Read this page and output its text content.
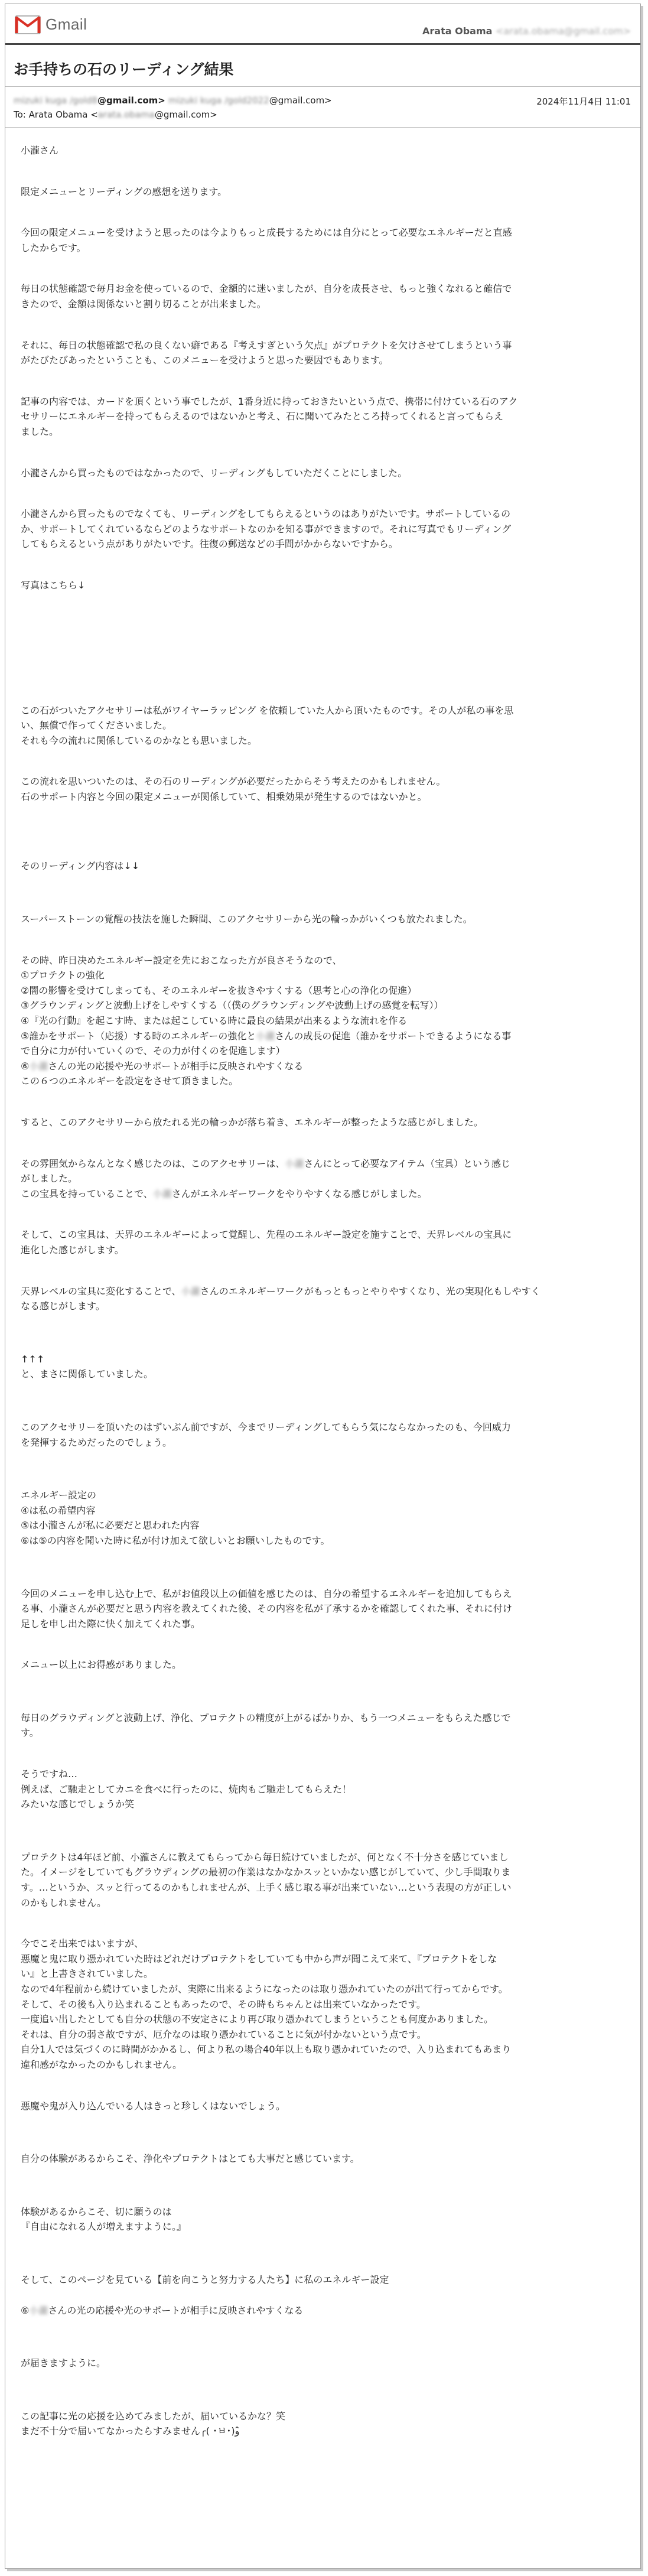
Gmail	Arata Obama <arata.obama@gmail.com>
お手持ちの石のリーディング結果
mizuki kuga /gold8@gmail.com> mizuki kuga /gold2022@gmail.com>
To: Arata Obama <arata.obama@gmail.com>
2024年11月4日 11:01

小瀧さん

限定メニューとリーディングの感想を送ります。

今回の限定メニューを受けようと思ったのは今よりもっと成長するためには自分にとって必要なエネルギーだと直感
したからです。

毎日の状態確認で毎月お金を使っているので、金額的に迷いましたが、自分を成長させ、もっと強くなれると確信で
きたので、金額は関係ないと割り切ることが出来ました。

それに、毎日の状態確認で私の良くない癖である『考えすぎという欠点』がプロテクトを欠けさせてしまうという事
がたびたびあったということも、このメニューを受けようと思った要因でもあります。

記事の内容では、カードを頂くという事でしたが、1番身近に持っておきたいという点で、携帯に付けている石のアク
セサリーにエネルギーを持ってもらえるのではないかと考え、石に聞いてみたところ持ってくれると言ってもらえ
ました。

小瀧さんから買ったものではなかったので、リーディングもしていただくことにしました。

小瀧さんから買ったものでなくても、リーディングをしてもらえるというのはありがたいです。サポートしているの
か、サポートしてくれているならどのようなサポートなのかを知る事ができますので。それに写真でもリーディング
してもらえるという点がありがたいです。往復の郵送などの手間がかからないですから。

写真はこちら↓

この石がついたアクセサリーは私がワイヤーラッピング を依頼していた人から頂いたものです。その人が私の事を思
い、無償で作ってくださいました。
それも今の流れに関係しているのかなとも思いました。

この流れを思いついたのは、その石のリーディングが必要だったからそう考えたのかもしれません。
石のサポート内容と今回の限定メニューが関係していて、相乗効果が発生するのではないかと。

そのリーディング内容は↓↓

スーパーストーンの覚醒の技法を施した瞬間、このアクセサリーから光の輪っかがいくつも放たれました。

その時、昨日决めたエネルギー設定を先におこなった方が良さそうなので、
①プロテクトの強化
②闇の影響を受けてしまっても、そのエネルギーを抜きやすくする（思考と心の浄化の促進）
③グラウンディングと波動上げをしやすくする（（僕のグラウンディングや波動上げの感覚を転写））
④『光の行動』を起こす時、または起こしている時に最良の結果が出来るような流れを作る
⑤誰かをサポート（応援）する時のエネルギーの強化と小瀧さんの成長の促進（誰かをサポートできるようになる事
で自分に力が付いていくので、その力が付くのを促進します）
⑥小瀧さんの光の応援や光のサポートが相手に反映されやすくなる
この６つのエネルギーを設定をさせて頂きました。

すると、このアクセサリーから放たれる光の輪っかが落ち着き、エネルギーが整ったような感じがしました。

その雰囲気からなんとなく感じたのは、このアクセサリーは、小瀧さんにとって必要なアイテム（宝具）という感じ
がしました。
この宝具を持っていることで、小瀧さんがエネルギーワークをやりやすくなる感じがしました。

そして、この宝具は、天界のエネルギーによって覚醒し、先程のエネルギー設定を施すことで、天界レベルの宝具に
進化した感じがします。

天界レベルの宝具に変化することで、小瀧さんのエネルギーワークがもっともっとやりやすくなり、光の実現化もしやすく
なる感じがします。

↑↑↑
と、まさに関係していました。

このアクセサリーを頂いたのはずいぶん前ですが、今までリーディングしてもらう気にならなかったのも、今回威力
を発揮するためだったのでしょう。

エネルギー設定の
④は私の希望内容
⑤は小瀧さんが私に必要だと思われた内容
⑥は⑤の内容を聞いた時に私が付け加えて欲しいとお願いしたものです。

今回のメニューを申し込む上で、私がお値段以上の価値を感じたのは、自分の希望するエネルギーを追加してもらえ
る事、小瀧さんが必要だと思う内容を教えてくれた後、その内容を私が了承するかを確認してくれた事、それに付け
足しを申し出た際に快く加えてくれた事。

メニュー以上にお得感がありました。

毎日のグラウディングと波動上げ、浄化、プロテクトの精度が上がるばかりか、もう一つメニューをもらえた感じで
す。

そうですね…
例えば、ご馳走としてカニを食べに行ったのに、焼肉もご馳走してもらえた！
みたいな感じでしょうか笑

プロテクトは4年ほど前、小瀧さんに教えてもらってから毎日続けていましたが、何となく不十分さを感じていまし
た。イメージをしていてもグラウディングの最初の作業はなかなかスッといかない感じがしていて、少し手間取りま
す。…というか、スッと行ってるのかもしれませんが、上手く感じ取る事が出来ていない…という表現の方が正しい
のかもしれません。

今でこそ出来ではいますが、
悪魔と鬼に取り憑かれていた時はどれだけプロテクトをしていても中から声が聞こえて来て、『プロテクトをしな
い』と上書きされていました。
なので4年程前から続けていましたが、実際に出来るようになったのは取り憑かれていたのが出て行ってからです。
そして、その後も入り込まれることもあったので、その時もちゃんとは出来ていなかったです。
一度追い出したとしても自分の状態の不安定さにより再び取り憑かれてしまうということも何度かありました。
それは、自分の弱さ故ですが、厄介なのは取り憑かれていることに気が付かないという点です。
自分1人では気づくのに時間がかかるし、何より私の場合40年以上も取り憑かれていたので、入り込まれてもあまり
違和感がなかったのかもしれません。

悪魔や鬼が入り込んでいる人はきっと珍しくはないでしょう。

自分の体験があるからこそ、浄化やプロテクトはとても大事だと感じています。

体験があるからこそ、切に願うのは
『自由になれる人が増えますように。』

そして、このページを見ている【前を向こうと努力する人たち】に私のエネルギー設定

⑥小瀧さんの光の応援や光のサポートが相手に反映されやすくなる

が届きますように。

この記事に光の応援を込めてみましたが、届いているかな？笑
まだ不十分で届いてなかったらすみません╭( ･ㅂ･)و ̑̑
